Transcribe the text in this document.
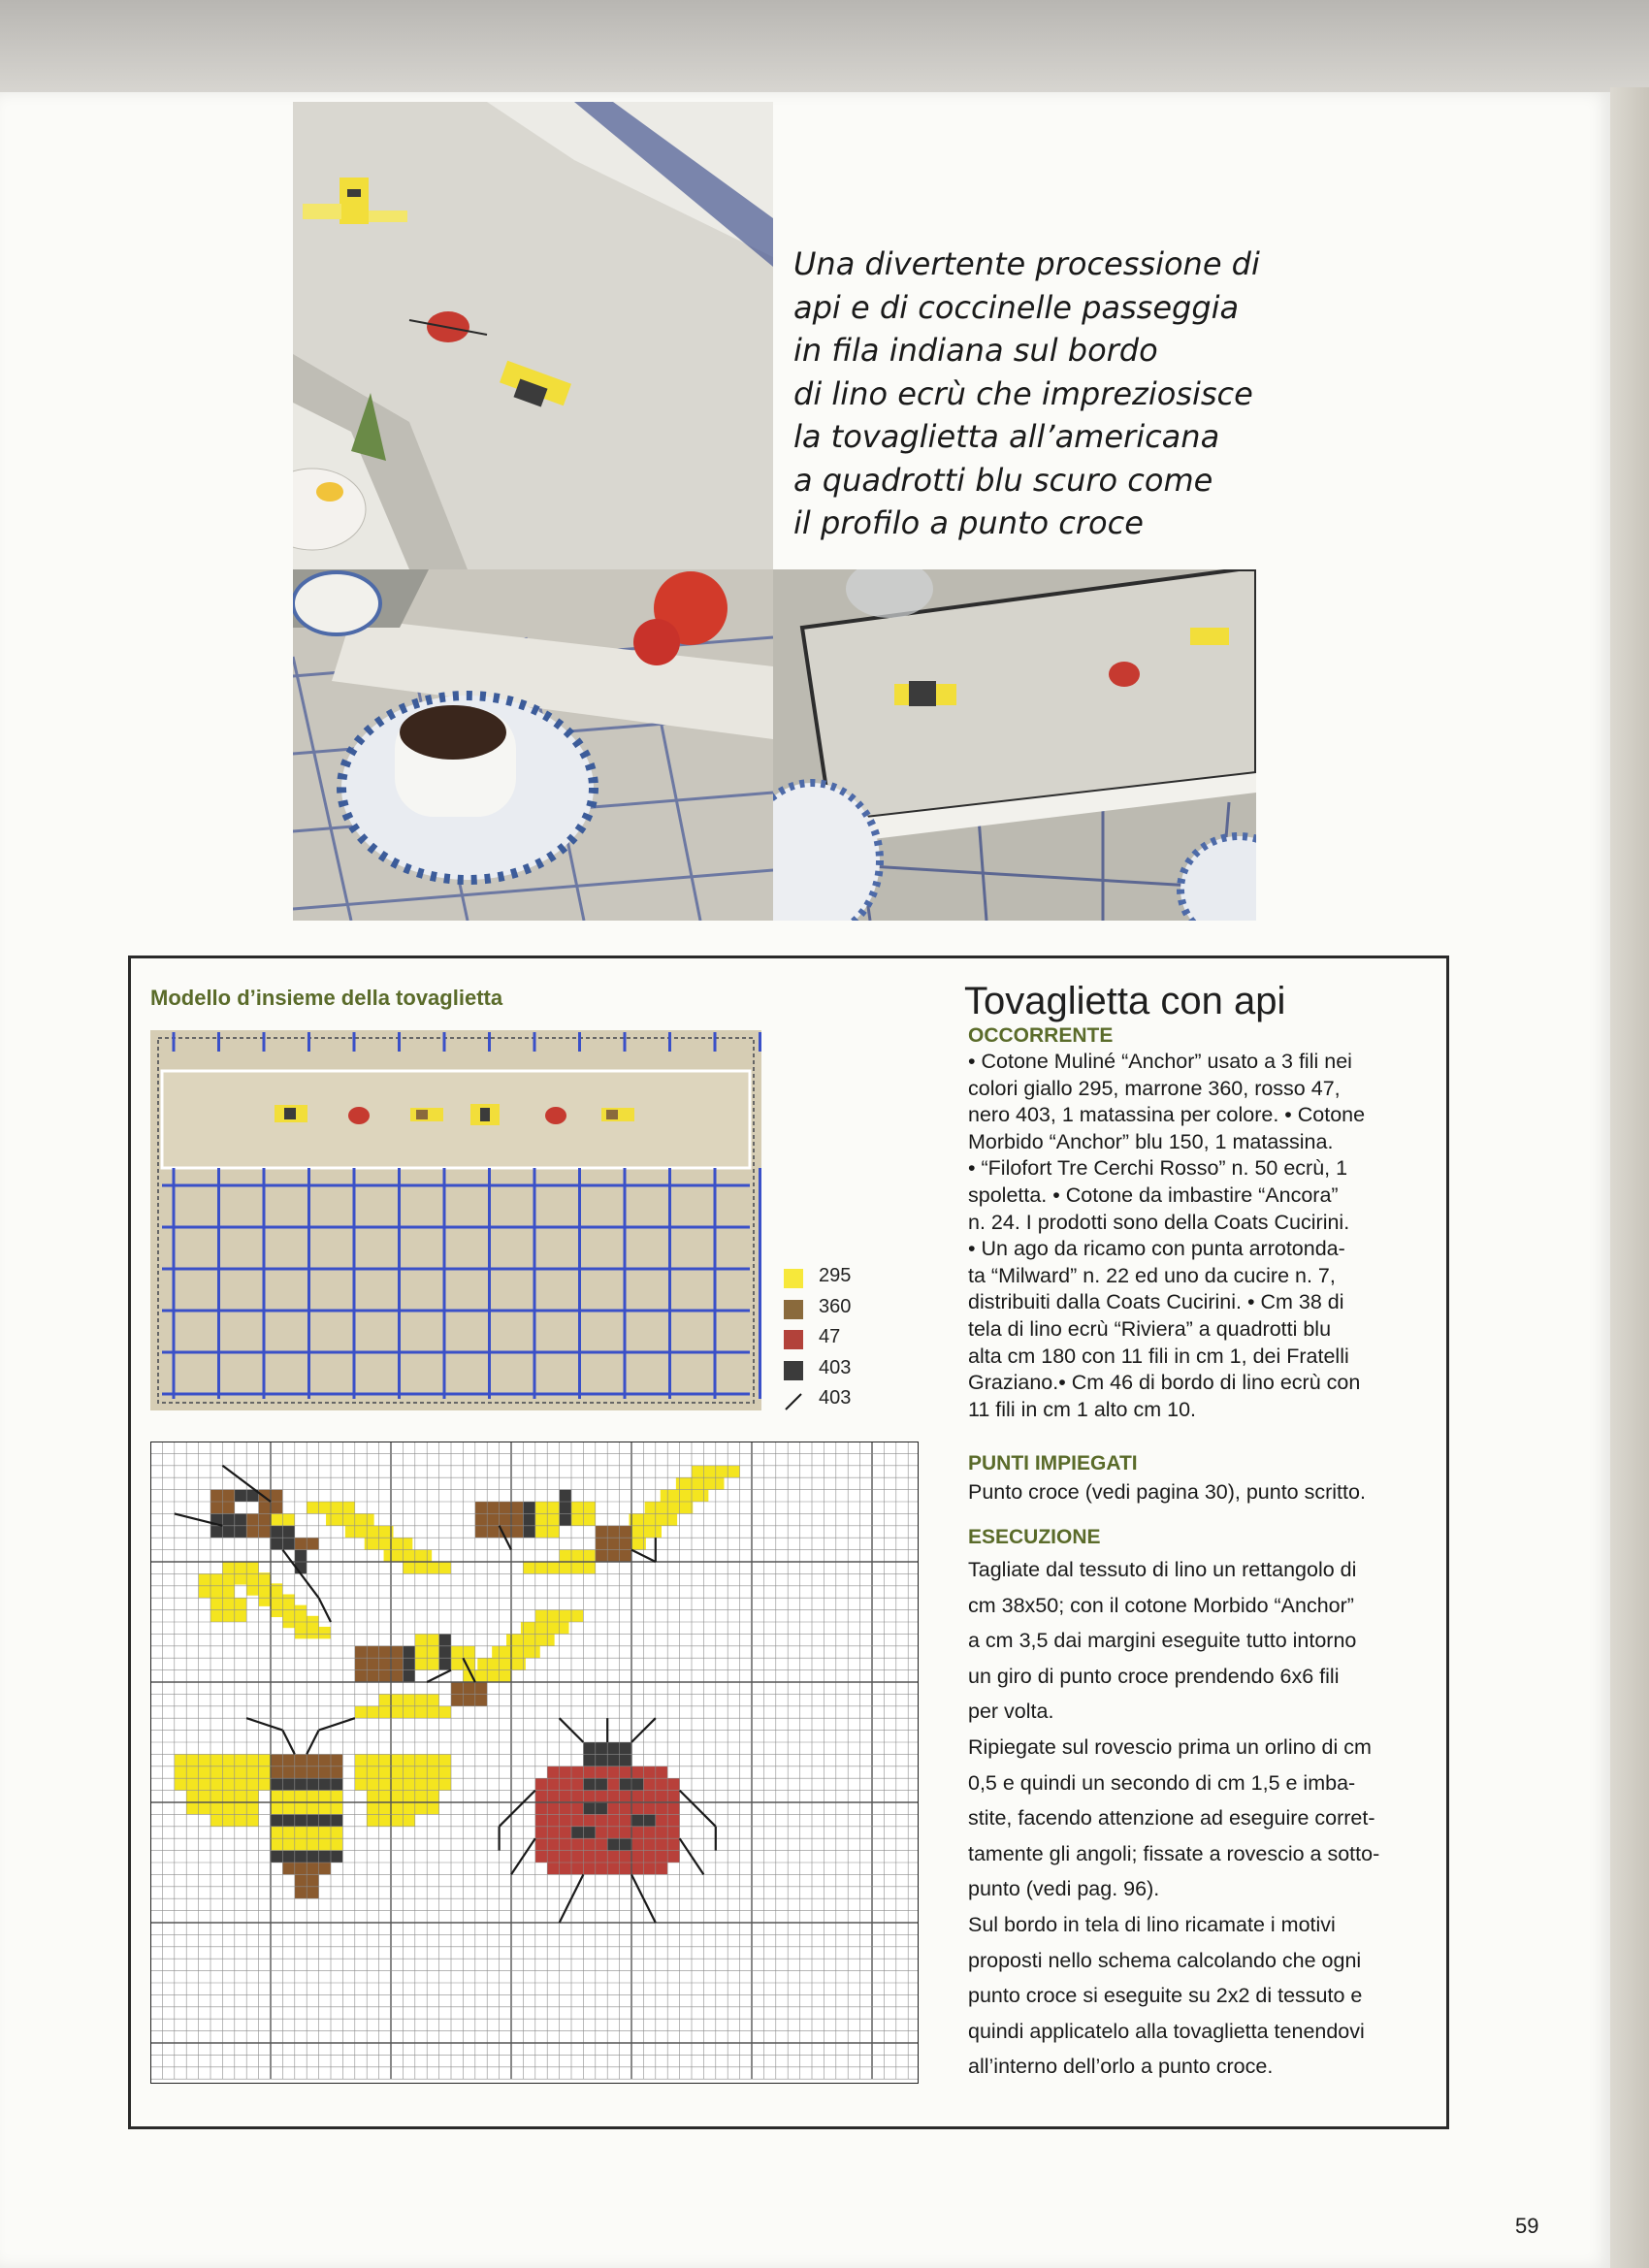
Una divertente processione di
api e di coccinelle passeggia
in fila indiana sul bordo
di lino ecrù che impreziosisce
la tovaglietta all’americana
a quadrotti blu scuro come
il profilo a punto croce
Modello d’insieme della tovaglietta
295
360
47
403
403
Tovaglietta con api
OCCORRENTE
• Cotone Muliné “Anchor” usato a 3 fili nei
colori giallo 295, marrone 360, rosso 47,
nero 403, 1 matassina per colore. • Cotone
Morbido “Anchor” blu 150, 1 matassina.
• “Filofort Tre Cerchi Rosso” n. 50 ecrù, 1
spoletta. • Cotone da imbastire “Ancora”
n. 24. I prodotti sono della Coats Cucirini.
• Un ago da ricamo con punta arrotonda-
ta “Milward” n. 22 ed uno da cucire n. 7,
distribuiti dalla Coats Cucirini. • Cm 38 di
tela di lino ecrù “Riviera” a quadrotti blu
alta cm 180 con 11 fili in cm 1, dei Fratelli
Graziano.• Cm 46 di bordo di lino ecrù con
11 fili in cm 1 alto cm 10.
PUNTI IMPIEGATI
Punto croce (vedi pagina 30), punto scritto.
ESECUZIONE
Tagliate dal tessuto di lino un rettangolo di
cm 38x50; con il cotone Morbido “Anchor”
a cm 3,5 dai margini eseguite tutto intorno
un giro di punto croce prendendo 6x6 fili
per volta.
Ripiegate sul rovescio prima un orlino di cm
0,5 e quindi un secondo di cm 1,5 e imba-
stite, facendo attenzione ad eseguire corret-
tamente gli angoli; fissate a rovescio a sotto-
punto (vedi pag. 96).
Sul bordo in tela di lino ricamate i motivi
proposti nello schema calcolando che ogni
punto croce si eseguite su 2x2 di tessuto e
quindi applicatelo alla tovaglietta tenendovi
all’interno dell’orlo a punto croce.
59
